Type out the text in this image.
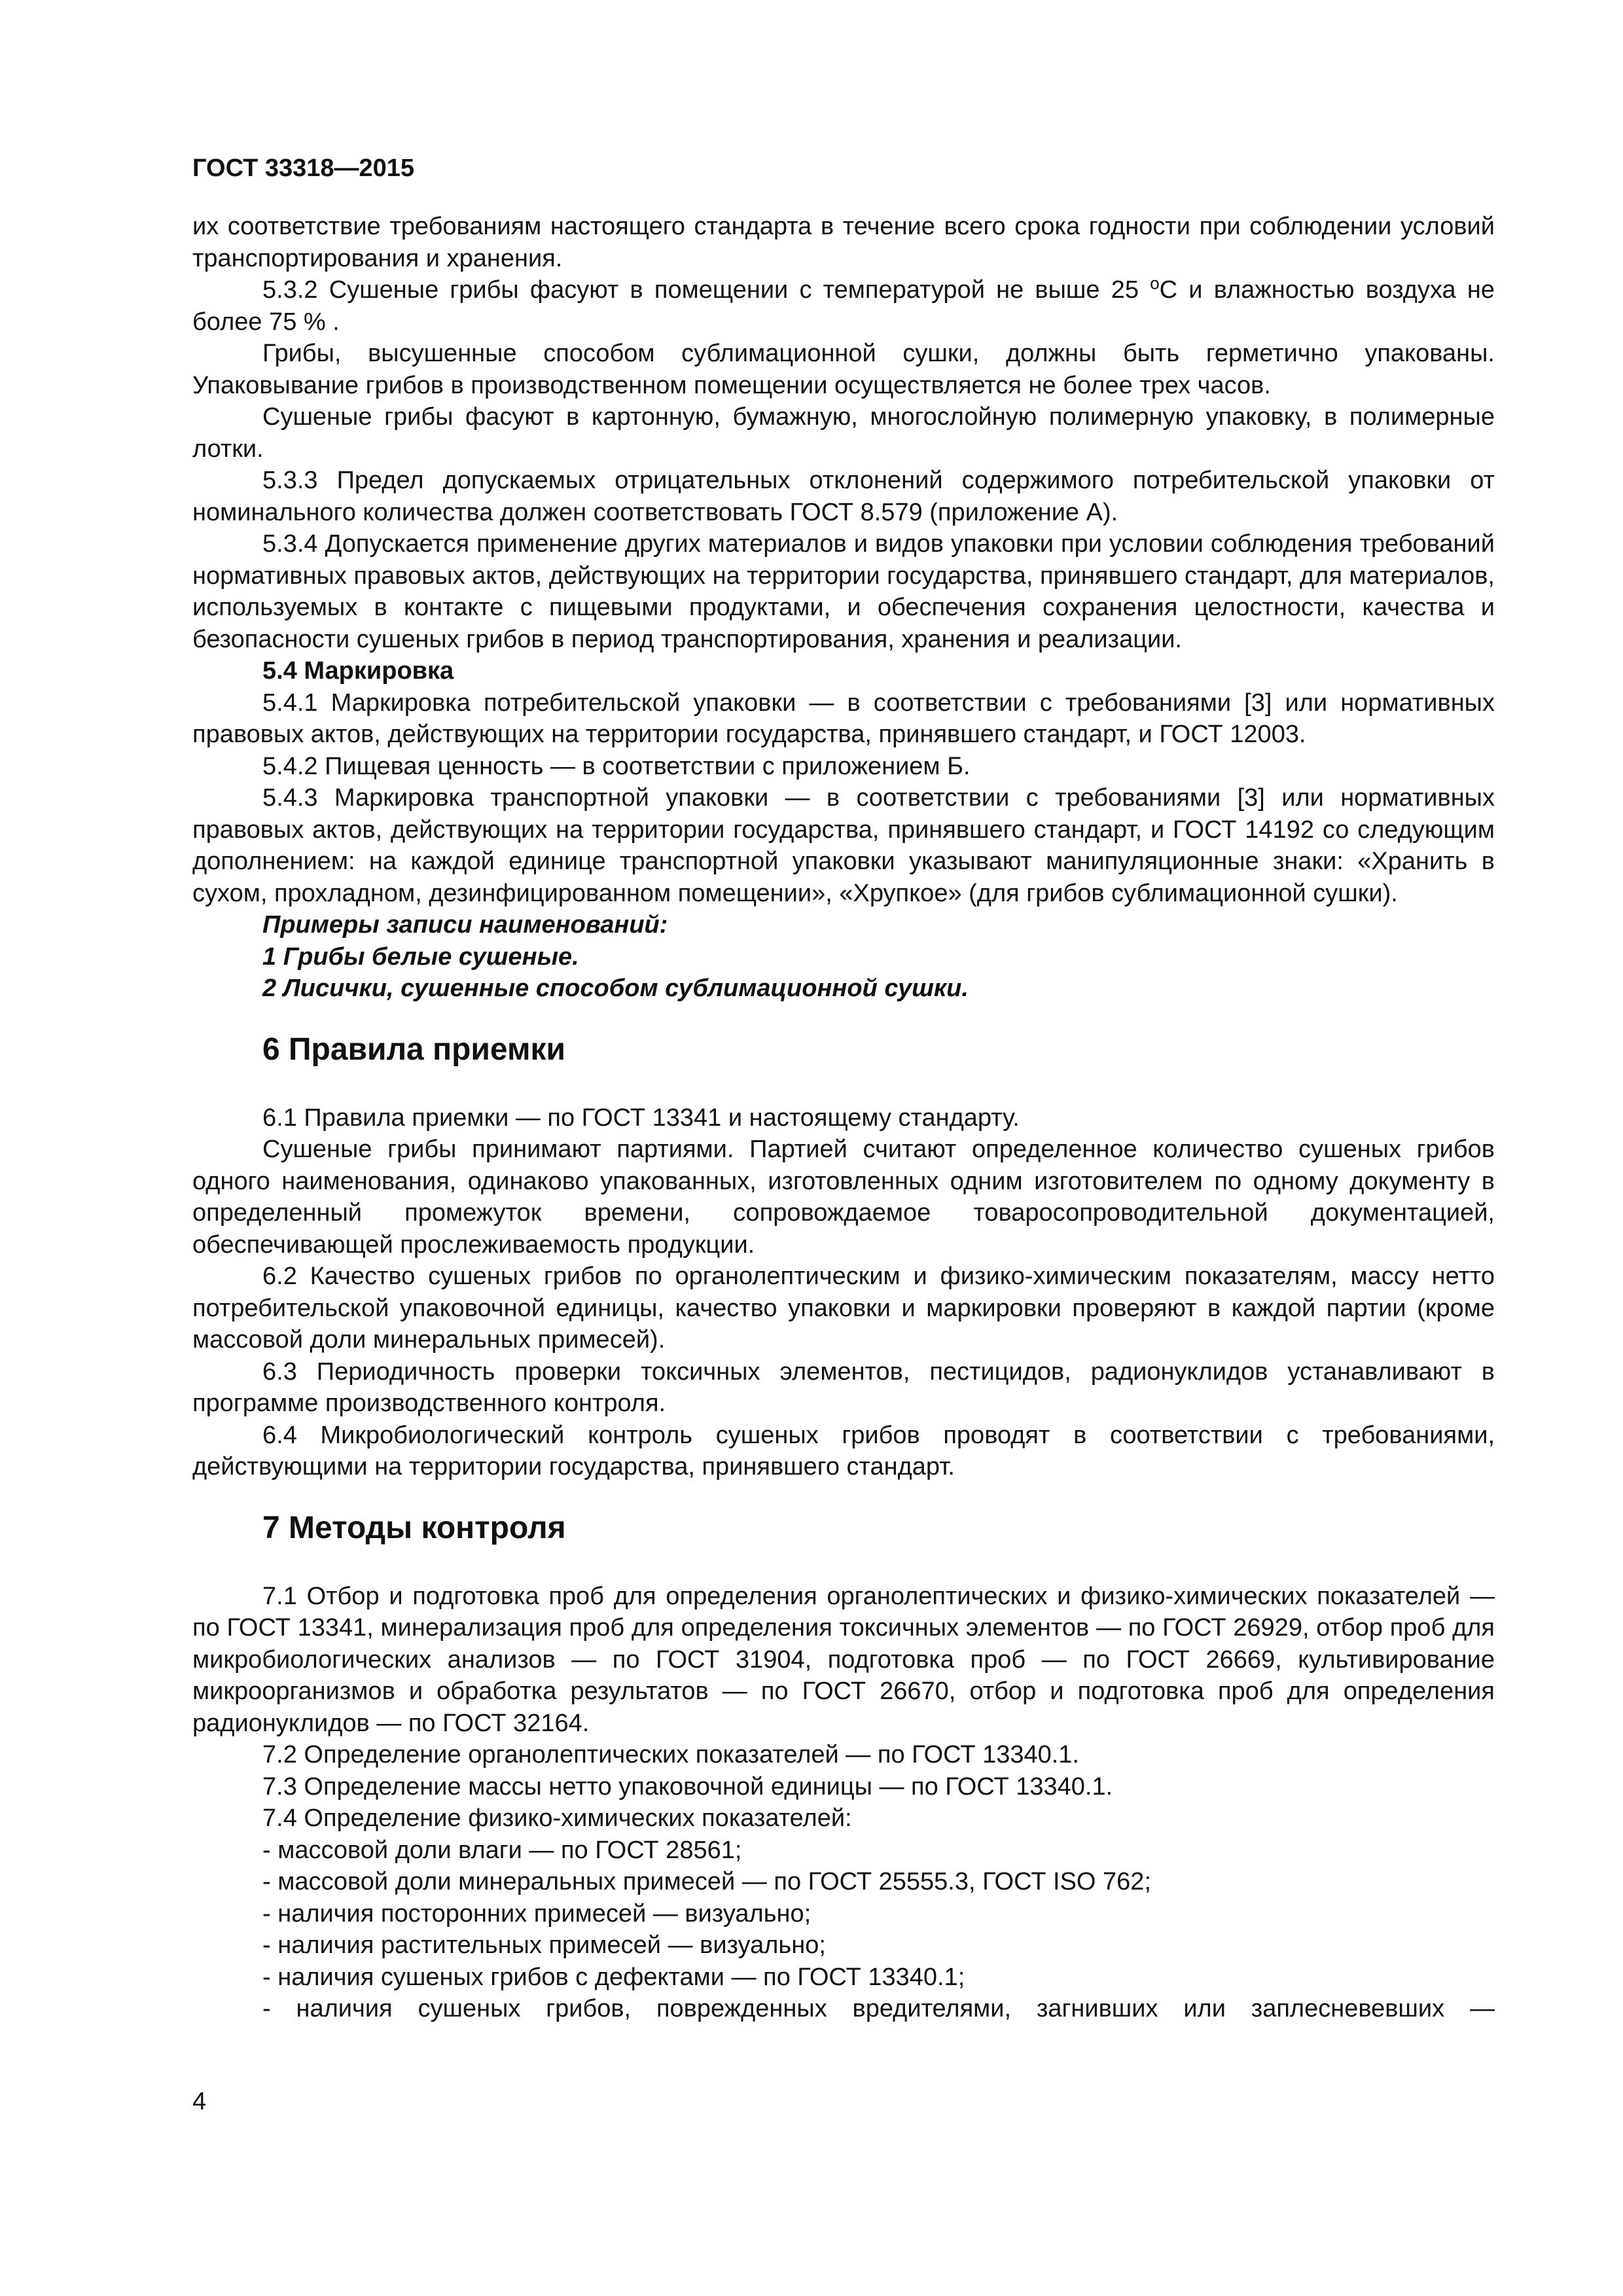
ГОСТ 33318—2015

их соответствие требованиям настоящего стандарта в течение всего срока годности при соблюдении условий транспортирования и хранения.

5.3.2 Сушеные грибы фасуют в помещении с температурой не выше 25 $^о$С и влажностью воздуха не более 75 % .

Грибы, высушенные способом сублимационной сушки, должны быть герметично упакованы. Упаковывание грибов в производственном помещении осуществляется не более трех часов.

Сушеные грибы фасуют в картонную, бумажную, многослойную полимерную упаковку, в полимерные лотки.

5.3.3 Предел допускаемых отрицательных отклонений содержимого потребительской упаковки от номинального количества должен соответствовать ГОСТ 8.579 (приложение А).

5.3.4 Допускается применение других материалов и видов упаковки при условии соблюдения требований нормативных правовых актов, действующих на территории государства, принявшего стандарт, для материалов, используемых в контакте с пищевыми продуктами, и обеспечения сохранения целостности, качества и безопасности сушеных грибов в период транспортирования, хранения и реализации.

5.4 Маркировка

5.4.1 Маркировка потребительской упаковки — в соответствии с требованиями [3] или нормативных правовых актов, действующих на территории государства, принявшего стандарт, и ГОСТ 12003.

5.4.2 Пищевая ценность — в соответствии с приложением Б.

5.4.3 Маркировка транспортной упаковки — в соответствии с требованиями [3] или нормативных правовых актов, действующих на территории государства, принявшего стандарт, и ГОСТ 14192 со следующим дополнением: на каждой единице транспортной упаковки указывают манипуляционные знаки: «Хранить в сухом, прохладном, дезинфицированном помещении», «Хрупкое» (для грибов сублимационной сушки).

Примеры записи наименований:

1 Грибы белые сушеные.

2 Лисички, сушенные способом сублимационной сушки.

6 Правила приемки

6.1 Правила приемки — по ГОСТ 13341 и настоящему стандарту.

Сушеные грибы принимают партиями. Партией считают определенное количество сушеных грибов одного наименования, одинаково упакованных, изготовленных одним изготовителем по одному документу в определенный промежуток времени, сопровождаемое товаросопроводительной документацией, обеспечивающей прослеживаемость продукции.

6.2 Качество сушеных грибов по органолептическим и физико-химическим показателям, массу нетто потребительской упаковочной единицы, качество упаковки и маркировки проверяют в каждой партии (кроме массовой доли минеральных примесей).

6.3 Периодичность проверки токсичных элементов, пестицидов, радионуклидов устанавливают в программе производственного контроля.

6.4 Микробиологический контроль сушеных грибов проводят в соответствии с требованиями, действующими на территории государства, принявшего стандарт.

7 Методы контроля

7.1 Отбор и подготовка проб для определения органолептических и физико-химических показателей — по ГОСТ 13341, минерализация проб для определения токсичных элементов — по ГОСТ 26929, отбор проб для микробиологических анализов — по ГОСТ 31904, подготовка проб — по ГОСТ 26669, культивирование микроорганизмов и обработка результатов — по ГОСТ 26670, отбор и подготовка проб для определения радионуклидов — по ГОСТ 32164.

7.2 Определение органолептических показателей — по ГОСТ 13340.1.

7.3 Определение массы нетто упаковочной единицы — по ГОСТ 13340.1.

7.4 Определение физико-химических показателей:

- массовой доли влаги — по ГОСТ 28561;

- массовой доли минеральных примесей — по ГОСТ 25555.3, ГОСТ ISO 762;

- наличия посторонних примесей — визуально;

- наличия растительных примесей — визуально;

- наличия сушеных грибов с дефектами — по ГОСТ 13340.1;

- наличия сушеных грибов, поврежденных вредителями, загнивших или заплесневевших —

4
